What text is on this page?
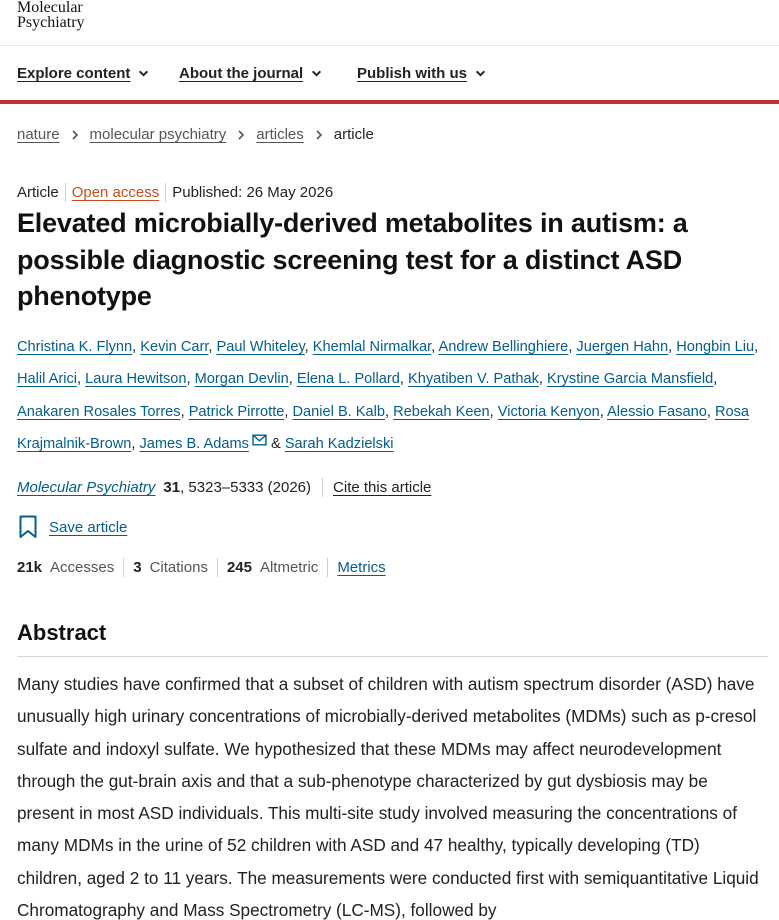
Molecular
Psychiatry
Explore content	About the journal	Publish with us
nature molecular psychiatry articles article
Article Open access Published: 26 May 2026
Elevated microbially-derived metabolites in autism: a possible diagnostic screening test for a distinct ASD phenotype
Christina K. Flynn, Kevin Carr, Paul Whiteley, Khemlal Nirmalkar, Andrew Bellinghiere, Juergen Hahn, Hongbin Liu, Halil Arici, Laura Hewitson, Morgan Devlin, Elena L. Pollard, Khyatiben V. Pathak, Krystine Garcia Mansfield, Anakaren Rosales Torres, Patrick Pirrotte, Daniel B. Kalb, Rebekah Keen, Victoria Kenyon, Alessio Fasano, Rosa Krajmalnik-Brown, James B. Adams & Sarah Kadzielski
Molecular Psychiatry 31 , 5323–5333 (2026) Cite this article
Save article
21k Accesses 3 Citations 245 Altmetric Metrics
Abstract

Many studies have confirmed that a subset of children with autism spectrum disorder (ASD) have unusually high urinary concentrations of microbially-derived metabolites (MDMs) such as p-cresol sulfate and indoxyl sulfate. We hypothesized that these MDMs may affect neurodevelopment through the gut-brain axis and that a sub-phenotype characterized by gut dysbiosis may be present in most ASD individuals. This multi-site study involved measuring the concentrations of many MDMs in the urine of 52 children with ASD and 47 healthy, typically developing (TD) children, aged 2 to 11 years. The measurements were conducted first with semiquantitative Liquid Chromatography and Mass Spectrometry (LC-MS), followed by
